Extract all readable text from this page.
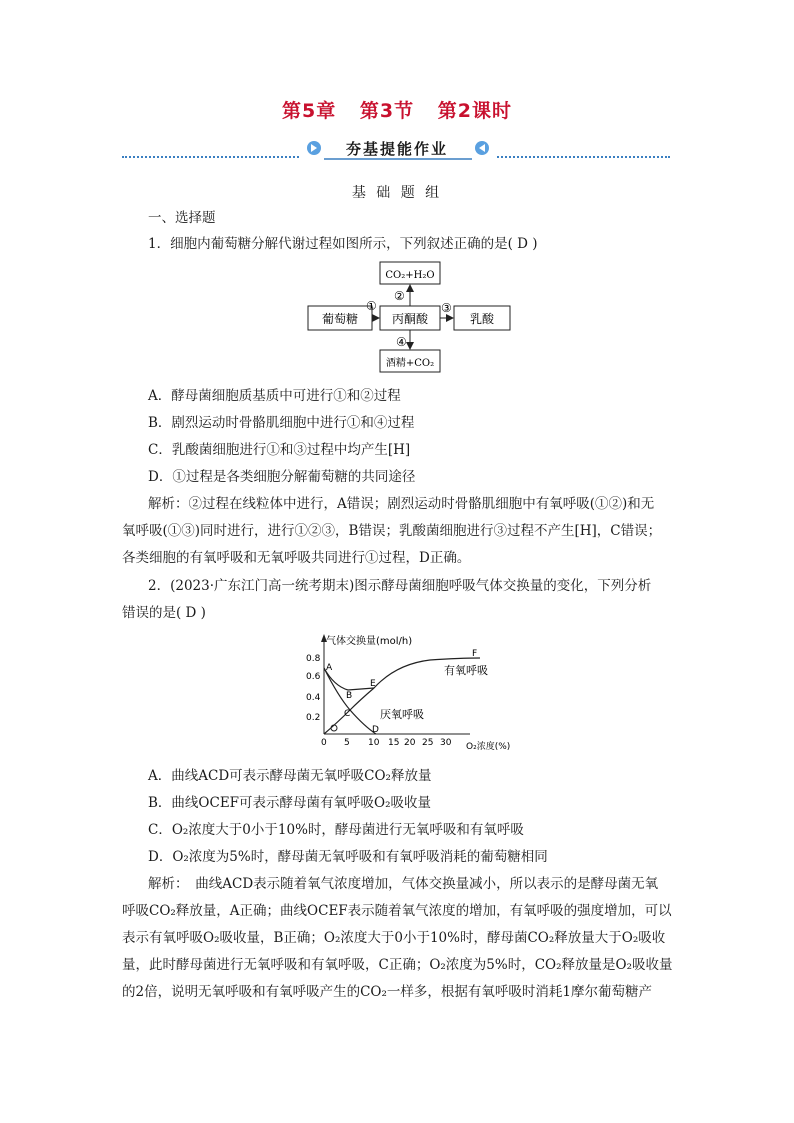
第5章 第3节 第2课时
夯基提能作业
基 础 题 组
一、选择题
1．细胞内葡萄糖分解代谢过程如图所示，下列叙述正确的是( D )
葡萄糖	丙酮酸	乳酸
CO₂+H₂O
酒精+CO₂
①
②
③
④
A．酵母菌细胞质基质中可进行①和②过程
B．剧烈运动时骨骼肌细胞中进行①和④过程
C．乳酸菌细胞进行①和③过程中均产生[H]
D．①过程是各类细胞分解葡萄糖的共同途径
解析：②过程在线粒体中进行，A错误；剧烈运动时骨骼肌细胞中有氧呼吸(①②)和无
氧呼吸(①③)同时进行，进行①②③，B错误；乳酸菌细胞进行③过程不产生[H]，C错误；
各类细胞的有氧呼吸和无氧呼吸共同进行①过程，D正确。
2．(2023·广东江门高一统考期末)图示酵母菌细胞呼吸气体交换量的变化，下列分析
错误的是( D )
气体交换量(mol/h)
O₂浓度(%)
0.8
0.6
0.4
0.2
0 5 10 15 20 25 30
A
B
C
D
E
F
有氧呼吸
厌氧呼吸
A．曲线ACD可表示酵母菌无氧呼吸CO₂释放量
B．曲线OCEF可表示酵母菌有氧呼吸O₂吸收量
C．O₂浓度大于0小于10%时，酵母菌进行无氧呼吸和有氧呼吸
D．O₂浓度为5%时，酵母菌无氧呼吸和有氧呼吸消耗的葡萄糖相同
解析：　曲线ACD表示随着氧气浓度增加，气体交换量减小，所以表示的是酵母菌无氧
呼吸CO₂释放量，A正确；曲线OCEF表示随着氧气浓度的增加，有氧呼吸的强度增加，可以
表示有氧呼吸O₂吸收量，B正确；O₂浓度大于0小于10%时，酵母菌CO₂释放量大于O₂吸收
量，此时酵母菌进行无氧呼吸和有氧呼吸，C正确；O₂浓度为5%时，CO₂释放量是O₂吸收量
的2倍，说明无氧呼吸和有氧呼吸产生的CO₂一样多，根据有氧呼吸时消耗1摩尔葡萄糖产
